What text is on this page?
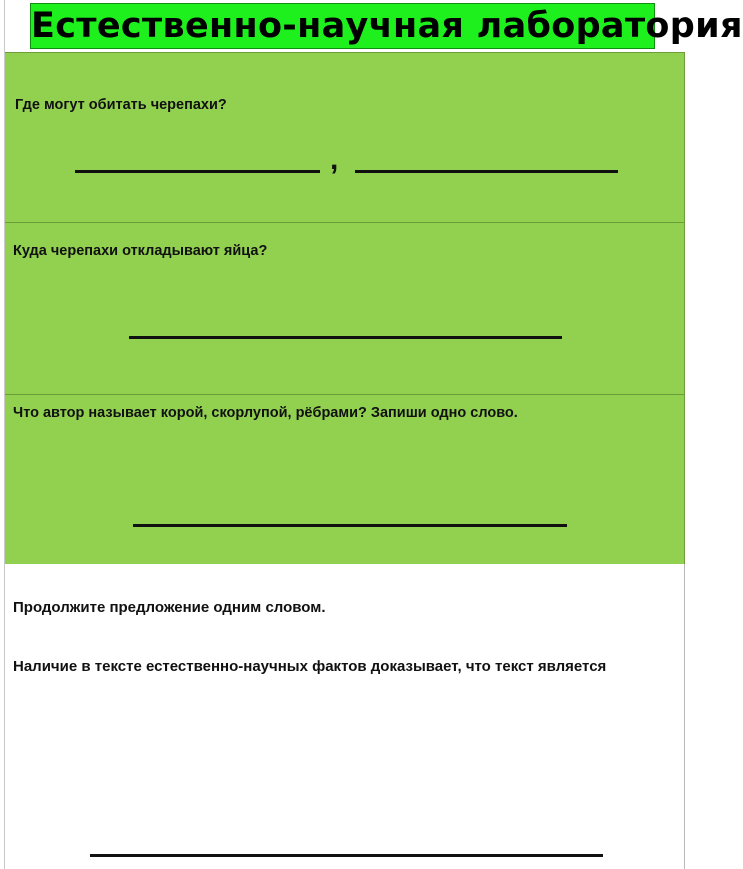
Естественно-научная лаборатория
Где могут обитать черепахи?
,
Куда черепахи откладывают яйца?
Что автор называет корой, скорлупой, рёбрами? Запиши одно слово.
Продолжите предложение одним словом.
Наличие в тексте естественно-научных фактов доказывает, что текст является
